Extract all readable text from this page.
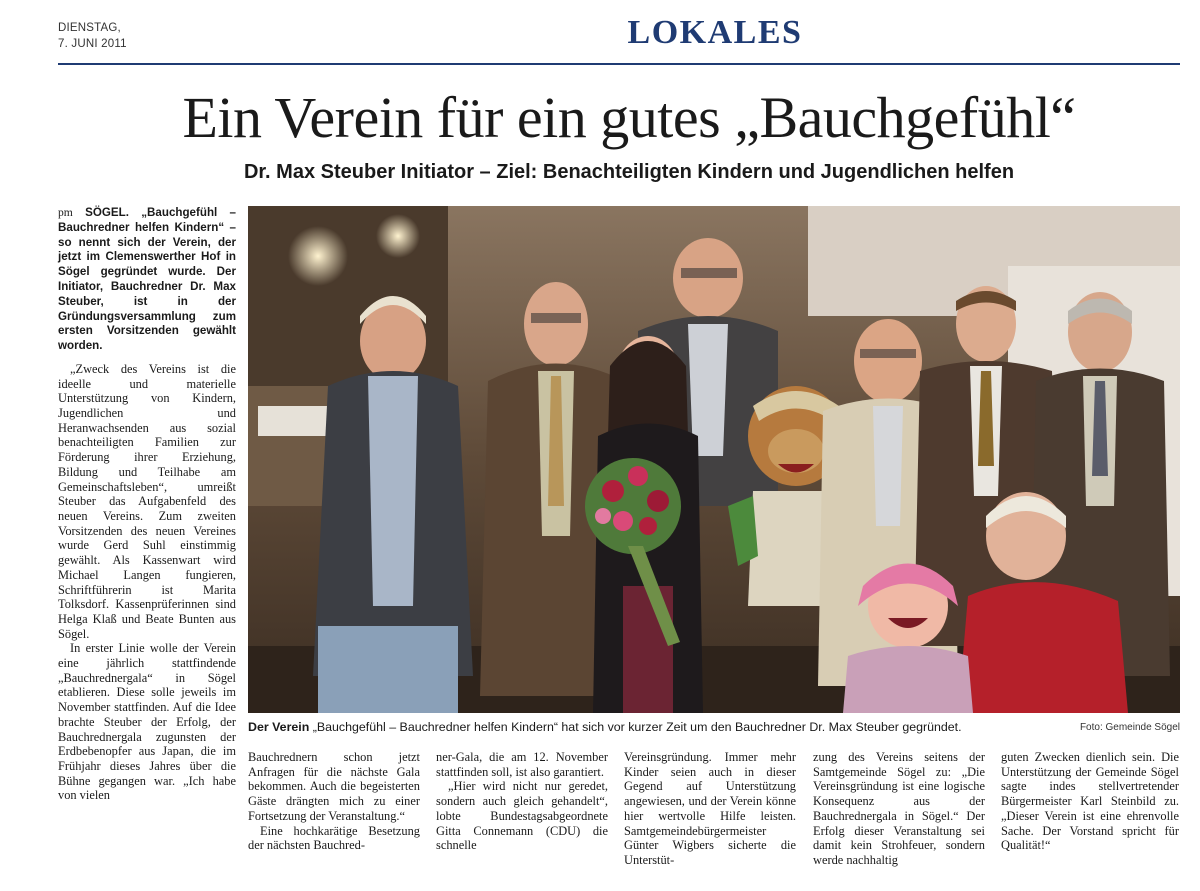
DIENSTAG,
7. JUNI 2011	LOKALES
Ein Verein für ein gutes „Bauchgefühl“
Dr. Max Steuber Initiator – Ziel: Benachteiligten Kindern und Jugendlichen helfen
pm SÖGEL. „Bauchgefühl – Bauchredner helfen Kindern“ – so nennt sich der Verein, der jetzt im Clemenswerther Hof in Sögel gegründet wurde. Der Initiator, Bauchredner Dr. Max Steuber, ist in der Gründungsversammlung zum ersten Vorsitzenden gewählt worden.

„Zweck des Vereins ist die ideelle und materielle Unterstützung von Kindern, Jugendlichen und Heranwachsenden aus sozial benachteiligten Familien zur Förderung ihrer Erziehung, Bildung und Teilhabe am Gemeinschaftsleben“, umreißt Steuber das Aufgabenfeld des neuen Vereins. Zum zweiten Vorsitzenden des neuen Vereines wurde Gerd Suhl einstimmig gewählt. Als Kassenwart wird Michael Langen fungieren, Schriftführerin ist Marita Tolksdorf. Kassenprüferinnen sind Helga Klaß und Beate Bunten aus Sögel.

In erster Linie wolle der Verein eine jährlich stattfindende „Bauchrednergala“ in Sögel etablieren. Diese solle jeweils im November stattfinden. Auf die Idee brachte Steuber der Erfolg, der Bauchrednergala zugunsten der Erdbebenopfer aus Japan, die im Frühjahr dieses Jahres über die Bühne gegangen war. „Ich habe von vielen

Der Verein „Bauchgefühl – Bauchredner helfen Kindern“ hat sich vor kurzer Zeit um den Bauchredner Dr. Max Steuber gegründet.	Foto: Gemeinde Sögel

Bauchrednern schon jetzt Anfragen für die nächste Gala bekommen. Auch die begeisterten Gäste drängten mich zu einer Fortsetzung der Veranstaltung.“

Eine hochkarätige Besetzung der nächsten Bauchred-

ner-Gala, die am 12. November stattfinden soll, ist also garantiert.

„Hier wird nicht nur geredet, sondern auch gleich gehandelt“, lobte Bundestagsabgeordnete Gitta Connemann (CDU) die schnelle

Vereinsgründung. Immer mehr Kinder seien auch in dieser Gegend auf Unterstützung angewiesen, und der Verein könne hier wertvolle Hilfe leisten. Samtgemeindebürgermeister Günter Wigbers sicherte die Unterstüt-

zung des Vereins seitens der Samtgemeinde Sögel zu: „Die Vereinsgründung ist eine logische Konsequenz aus der Bauchrednergala in Sögel.“ Der Erfolg dieser Veranstaltung sei damit kein Strohfeuer, sondern werde nachhaltig

guten Zwecken dienlich sein. Die Unterstützung der Gemeinde Sögel sagte indes stellvertretender Bürgermeister Karl Steinbild zu. „Dieser Verein ist eine ehrenvolle Sache. Der Vorstand spricht für Qualität!“
